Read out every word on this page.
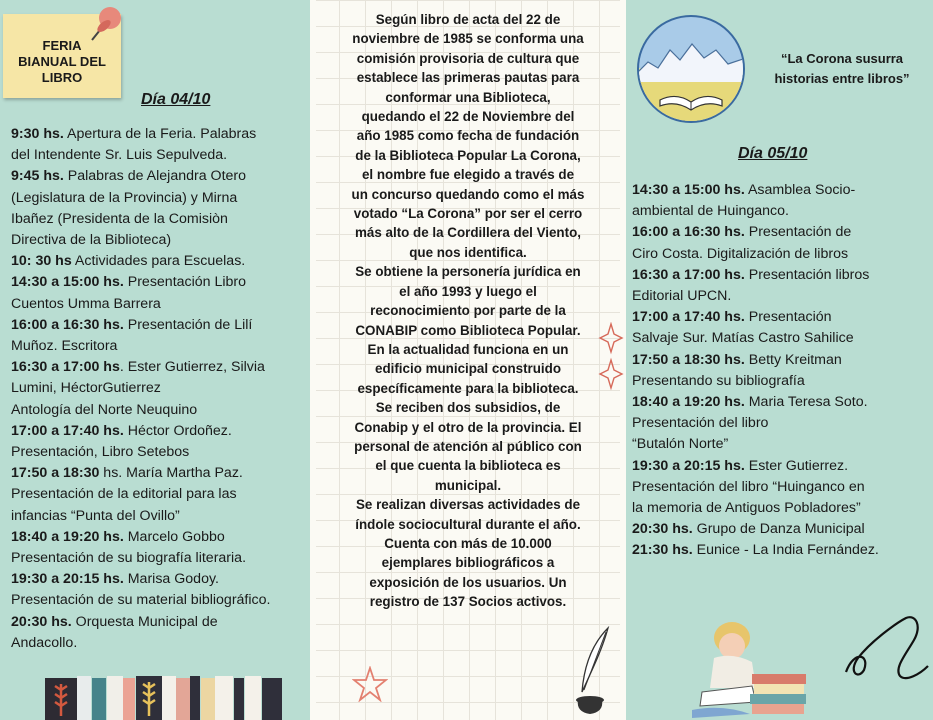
FERIA
BIANUAL DEL
LIBRO
Día 04/10
9:30 hs. Apertura de la Feria. Palabras
del Intendente Sr. Luis Sepulveda.
9:45 hs. Palabras de Alejandra Otero
(Legislatura de la Provincia) y Mirna
Ibañez (Presidenta de la Comisiòn
Directiva de la Biblioteca)
10: 30 hs Actividades para Escuelas.
14:30 a 15:00 hs. Presentación Libro
Cuentos Umma Barrera
16:00 a 16:30 hs. Presentación de Lilí
Muñoz. Escritora
16:30 a 17:00 hs. Ester Gutierrez, Silvia
Lumini, HéctorGutierrez
Antología del Norte Neuquino
17:00 a 17:40 hs. Héctor Ordoñez.
Presentación, Libro Setebos
17:50 a 18:30 hs. María Martha Paz.
Presentación de la editorial para las
infancias “Punta del Ovillo”
18:40 a 19:20 hs. Marcelo Gobbo
Presentación de su biografía literaria.
19:30 a 20:15 hs. Marisa Godoy.
Presentación de su material bibliográfico.
20:30 hs. Orquesta Municipal de
Andacollo.
Según libro de acta del 22 de
noviembre de 1985 se conforma una
comisión provisoria de cultura que
establece las primeras pautas para
conformar una Biblioteca,
quedando el 22 de Noviembre del
año 1985 como fecha de fundación
de la Biblioteca Popular La Corona,
el nombre fue elegido a través de
un concurso quedando como el más
votado “La Corona” por ser el cerro
más alto de la Cordillera del Viento,
que nos identifica.
Se obtiene la personería jurídica en
el año 1993 y luego el
reconocimiento por parte de la
CONABIP como Biblioteca Popular.
En la actualidad funciona en un
edificio municipal construido
específicamente para la biblioteca.
Se reciben dos subsidios, de
Conabip y el otro de la provincia. El
personal de atención al público con
el que cuenta la biblioteca es
municipal.
Se realizan diversas actividades de
índole sociocultural durante el año.
Cuenta con más de 10.000
ejemplares bibliográficos a
exposición de los usuarios. Un
registro de 137 Socios activos.
“La Corona susurra
historias entre libros”
Día 05/10
14:30 a 15:00 hs. Asamblea Socio-
ambiental de Huinganco.
16:00 a 16:30 hs. Presentación de
Ciro Costa. Digitalización de libros
16:30 a 17:00 hs. Presentación libros
Editorial UPCN.
17:00 a 17:40 hs. Presentación
Salvaje Sur. Matías Castro Sahilice
17:50 a 18:30 hs. Betty Kreitman
Presentando su bibliografía
18:40 a 19:20 hs. Maria Teresa Soto.
Presentación del libro
“Butalón Norte”
19:30 a 20:15 hs. Ester Gutierrez.
Presentación del libro “Huinganco en
la memoria de Antiguos Pobladores”
20:30 hs. Grupo de Danza Municipal
21:30 hs. Eunice - La India Fernández.
